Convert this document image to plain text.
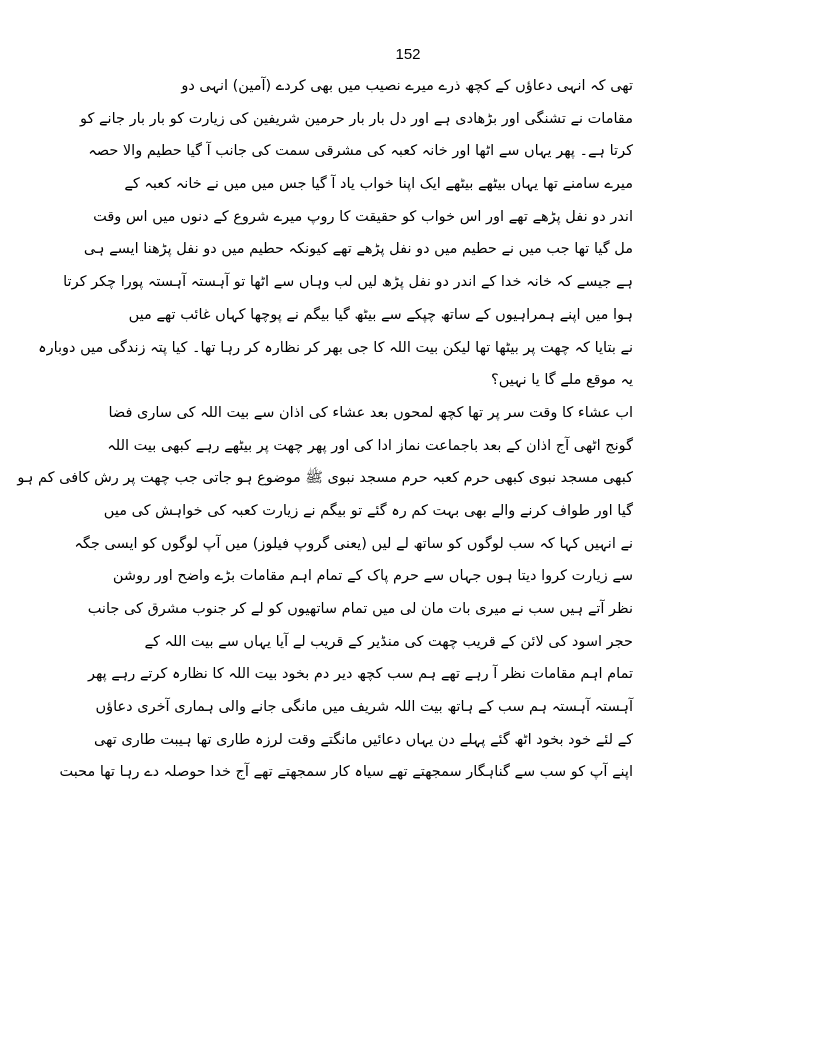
152
تھی کہ انہی دعاؤں کے کچھ ذرے میرے نصیب میں بھی کردے (آمین) انہی دو
مقامات نے تشنگی اور بڑھادی ہے اور دل بار بار حرمین شریفین کی زیارت کو بار بار جانے کو
کرتا ہے۔ پھر یہاں سے اٹھا اور خانہ کعبہ کی مشرقی سمت کی جانب آ گیا حطیم والا حصہ
میرے سامنے تھا یہاں بیٹھے بیٹھے ایک اپنا خواب یاد آ گیا جس میں میں نے خانہ کعبہ کے
اندر دو نفل پڑھے تھے اور اس خواب کو حقیقت کا روپ میرے شروع کے دنوں میں اس وقت
مل گیا تھا جب میں نے حطیم میں دو نفل پڑھے تھے کیونکہ حطیم میں دو نفل پڑھنا ایسے ہی
ہے جیسے کہ خانہ خدا کے اندر دو نفل پڑھ لیں لب وہاں سے اٹھا تو آہستہ آہستہ پورا چکر کرتا
ہوا میں اپنے ہمراہیوں کے ساتھ چپکے سے بیٹھ گیا بیگم نے پوچھا کہاں غائب تھے میں
نے بتایا کہ چھت پر بیٹھا تھا لیکن بیت اللہ کا جی بھر کر نظارہ کر رہا تھا۔ کیا پتہ زندگی میں دوبارہ
یہ موقع ملے گا یا نہیں؟
اب عشاء کا وقت سر پر تھا کچھ لمحوں بعد عشاء کی اذان سے بیت اللہ کی ساری فضا
گونج اٹھی آج اذان کے بعد باجماعت نماز ادا کی اور پھر چھت پر بیٹھے رہے کبھی بیت اللہ
کبھی مسجد نبوی کبھی حرم کعبہ حرم مسجد نبوی ﷺ موضوع ہو جاتی جب چھت پر رش کافی کم ہو
گیا اور طواف کرنے والے بھی بہت کم رہ گئے تو بیگم نے زیارت کعبہ کی خواہش کی میں
نے انہیں کہا کہ سب لوگوں کو ساتھ لے لیں (یعنی گروپ فیلوز) میں آپ لوگوں کو ایسی جگہ
سے زیارت کروا دیتا ہوں جہاں سے حرم پاک کے تمام اہم مقامات بڑے واضح اور روشن
نظر آتے ہیں سب نے میری بات مان لی میں تمام ساتھیوں کو لے کر جنوب مشرق کی جانب
حجر اسود کی لائن کے قریب چھت کی منڈیر کے قریب لے آیا یہاں سے بیت اللہ کے
تمام اہم مقامات نظر آ رہے تھے ہم سب کچھ دیر دم بخود بیت اللہ کا نظارہ کرتے رہے پھر
آہستہ آہستہ ہم سب کے ہاتھ بیت اللہ شریف میں مانگی جانے والی ہماری آخری دعاؤں
کے لئے خود بخود اٹھ گئے پہلے دن یہاں دعائیں مانگتے وقت لرزہ طاری تھا ہیبت طاری تھی
اپنے آپ کو سب سے گناہگار سمجھتے تھے سیاہ کار سمجھتے تھے آج خدا حوصلہ دے رہا تھا محبت
